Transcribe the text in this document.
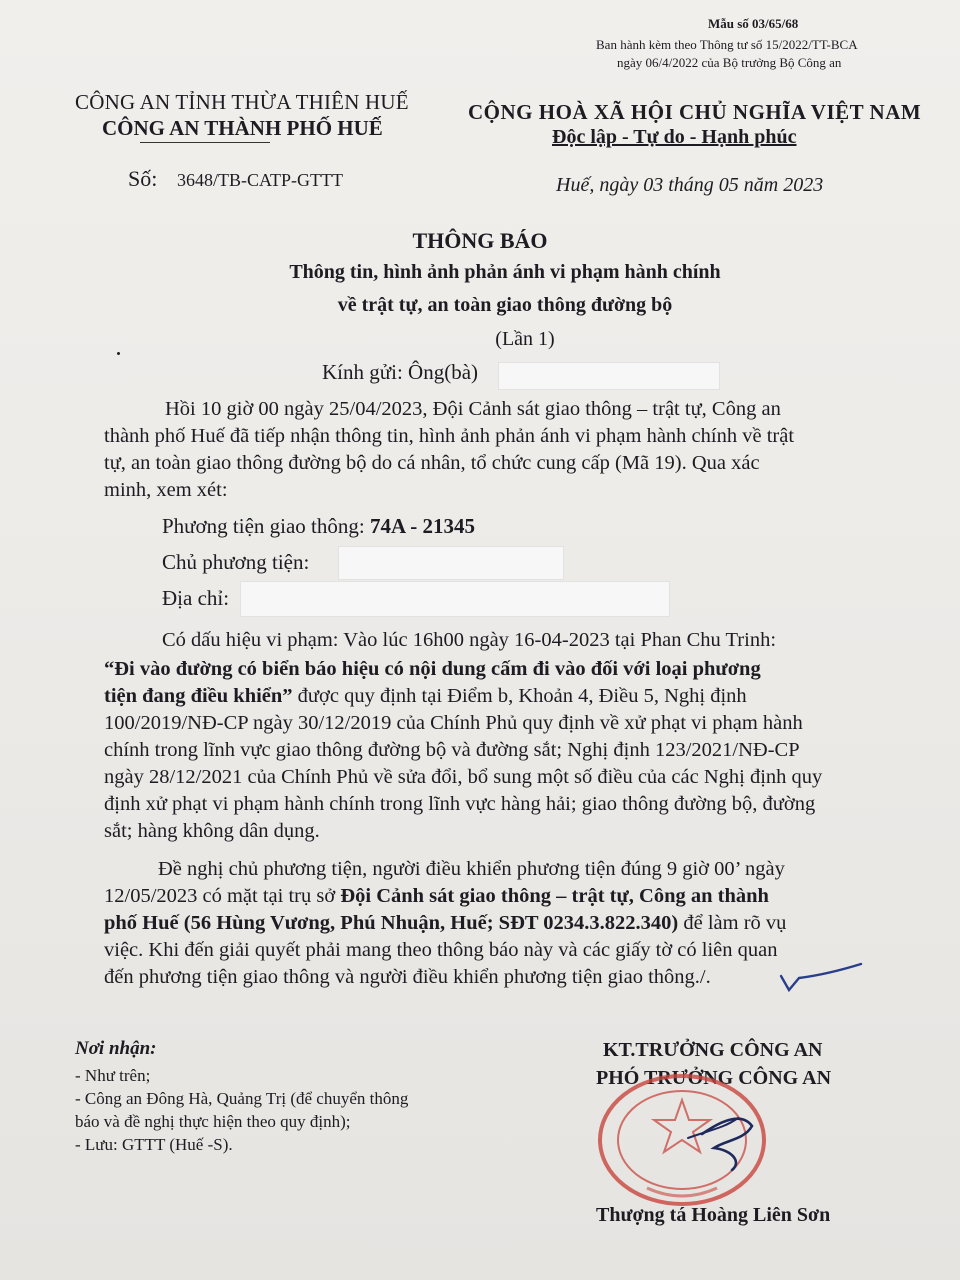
Mẫu số 03/65/68
Ban hành kèm theo Thông tư số 15/2022/TT-BCA
ngày 06/4/2022 của Bộ trưởng Bộ Công an
CÔNG AN TỈNH THỪA THIÊN HUẾ
CÔNG AN THÀNH PHỐ HUẾ
CỘNG HOÀ XÃ HỘI CHỦ NGHĨA VIỆT NAM
Độc lập - Tự do - Hạnh phúc
Số: 3648/TB-CATP-GTTT	Huế, ngày 03 tháng 05 năm 2023
THÔNG BÁO
Thông tin, hình ảnh phản ánh vi phạm hành chính
về trật tự, an toàn giao thông đường bộ
(Lần 1)
Kính gửi: Ông(bà)
Hồi 10 giờ 00 ngày 25/04/2023, Đội Cảnh sát giao thông – trật tự, Công an
thành phố Huế đã tiếp nhận thông tin, hình ảnh phản ánh vi phạm hành chính về trật
tự, an toàn giao thông đường bộ do cá nhân, tổ chức cung cấp (Mã 19). Qua xác
minh, xem xét:
Phương tiện giao thông: 74A - 21345
Chủ phương tiện:
Địa chỉ:
Có dấu hiệu vi phạm: Vào lúc 16h00 ngày 16-04-2023 tại Phan Chu Trinh:
“Đi vào đường có biển báo hiệu có nội dung cấm đi vào đối với loại phương
tiện đang điều khiển” được quy định tại Điểm b, Khoản 4, Điều 5, Nghị định
100/2019/NĐ-CP ngày 30/12/2019 của Chính Phủ quy định về xử phạt vi phạm hành
chính trong lĩnh vực giao thông đường bộ và đường sắt; Nghị định 123/2021/NĐ-CP
ngày 28/12/2021 của Chính Phủ về sửa đổi, bổ sung một số điều của các Nghị định quy
định xử phạt vi phạm hành chính trong lĩnh vực hàng hải; giao thông đường bộ, đường
sắt; hàng không dân dụng.
Đề nghị chủ phương tiện, người điều khiển phương tiện đúng 9 giờ 00’ ngày
12/05/2023 có mặt tại trụ sở Đội Cảnh sát giao thông – trật tự, Công an thành
phố Huế (56 Hùng Vương, Phú Nhuận, Huế; SĐT 0234.3.822.340) để làm rõ vụ
việc. Khi đến giải quyết phải mang theo thông báo này và các giấy tờ có liên quan
đến phương tiện giao thông và người điều khiển phương tiện giao thông./.
Nơi nhận:
- Như trên;
- Công an Đông Hà, Quảng Trị (để chuyển thông
báo và đề nghị thực hiện theo quy định);
- Lưu: GTTT (Huế -S).
KT.TRƯỞNG CÔNG AN
PHÓ TRƯỞNG CÔNG AN
Thượng tá Hoàng Liên Sơn
